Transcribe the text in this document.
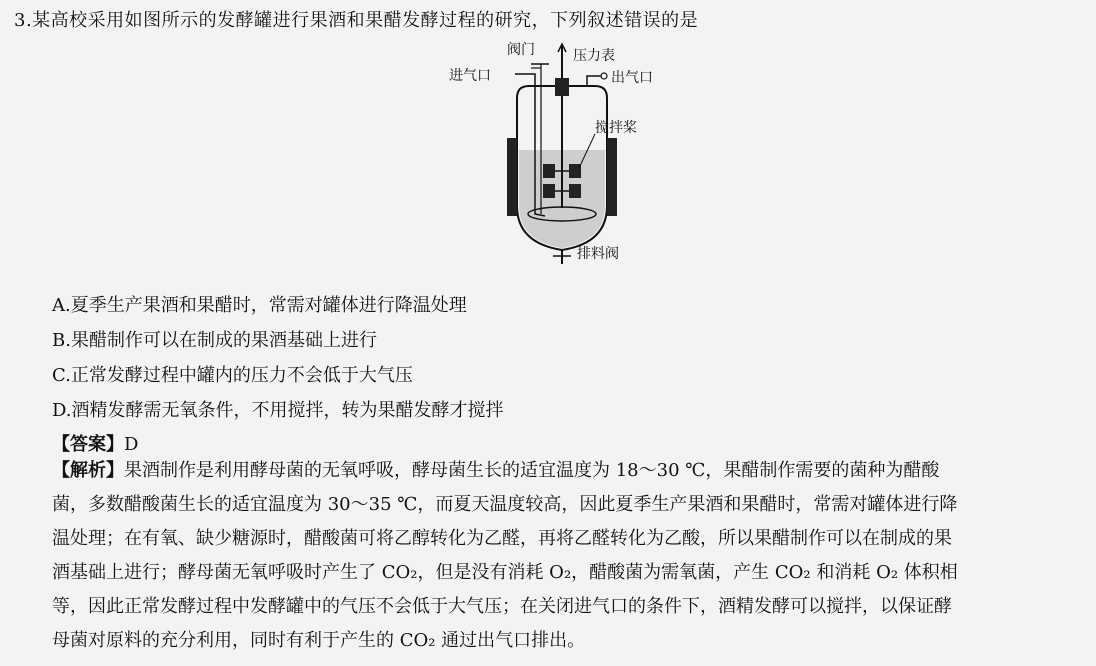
3.某高校采用如图所示的发酵罐进行果酒和果醋发酵过程的研究，下列叙述错误的是
阀门	压力表
进气口	出气口
搅拌桨
排料阀
A.夏季生产果酒和果醋时，常需对罐体进行降温处理
B.果醋制作可以在制成的果酒基础上进行
C.正常发酵过程中罐内的压力不会低于大气压
D.酒精发酵需无氧条件，不用搅拌，转为果醋发酵才搅拌
【答案】D
【解析】果酒制作是利用酵母菌的无氧呼吸，酵母菌生长的适宜温度为 18～30 ℃，果醋制作需要的菌种为醋酸
菌，多数醋酸菌生长的适宜温度为 30～35 ℃，而夏天温度较高，因此夏季生产果酒和果醋时，常需对罐体进行降
温处理；在有氧、缺少糖源时，醋酸菌可将乙醇转化为乙醛，再将乙醛转化为乙酸，所以果醋制作可以在制成的果
酒基础上进行；酵母菌无氧呼吸时产生了 CO₂，但是没有消耗 O₂，醋酸菌为需氧菌，产生 CO₂ 和消耗 O₂ 体积相
等，因此正常发酵过程中发酵罐中的气压不会低于大气压；在关闭进气口的条件下，酒精发酵可以搅拌，以保证酵
母菌对原料的充分利用，同时有利于产生的 CO₂ 通过出气口排出。
